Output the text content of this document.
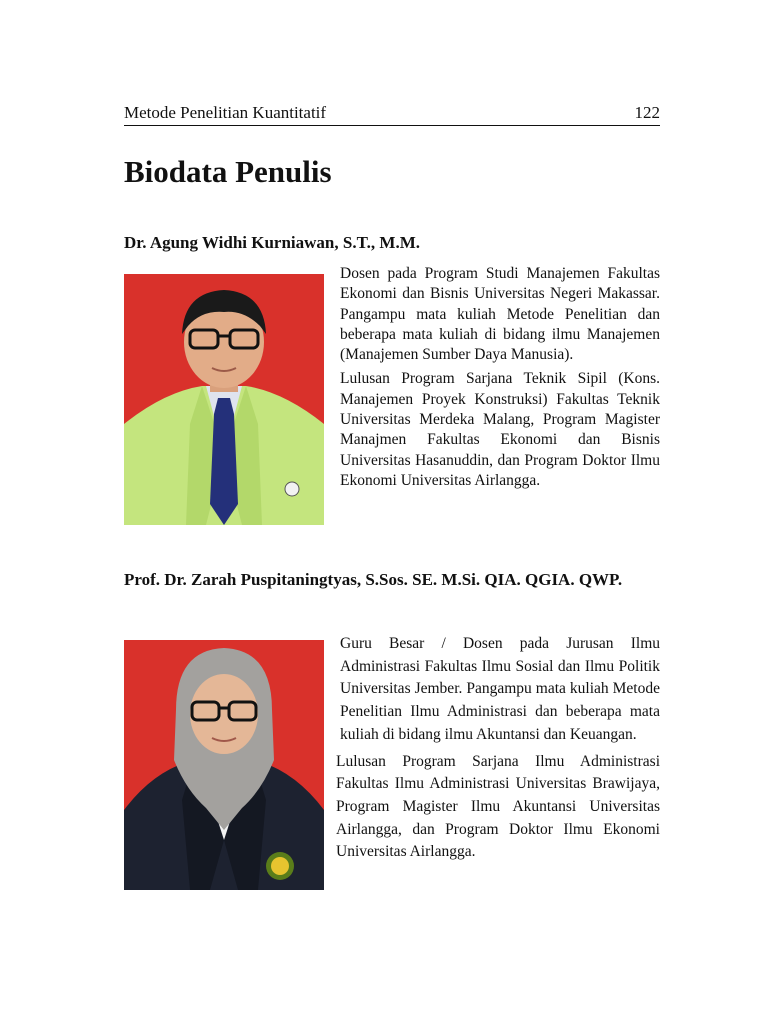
Metode Penelitian Kuantitatif	122
Biodata Penulis
Dr. Agung Widhi Kurniawan, S.T., M.M.

Dosen pada Program Studi Manajemen Fakultas Ekonomi dan Bisnis Universitas Negeri Makassar. Pangampu mata kuliah Metode Penelitian dan beberapa mata kuliah di bidang ilmu Manajemen (Manajemen Sumber Daya Manusia).

Lulusan Program Sarjana Teknik Sipil (Kons. Manajemen Proyek Konstruksi) Fakultas Teknik Universitas Merdeka Malang, Program Magister Manajmen Fakultas Ekonomi dan Bisnis Universitas Hasanuddin, dan Program Doktor Ilmu Ekonomi Universitas Airlangga.

Prof. Dr. Zarah Puspitaningtyas, S.Sos. SE. M.Si. QIA. QGIA. QWP.

Guru Besar / Dosen pada Jurusan Ilmu Administrasi Fakultas Ilmu Sosial dan Ilmu Politik Universitas Jember. Pangampu mata kuliah Metode Penelitian Ilmu Administrasi dan beberapa mata kuliah di bidang ilmu Akuntansi dan Keuangan.

Lulusan Program Sarjana Ilmu Administrasi Fakultas Ilmu Administrasi Universitas Brawijaya, Program Magister Ilmu Akuntansi Universitas Airlangga, dan Program Doktor Ilmu Ekonomi Universitas Airlangga.
